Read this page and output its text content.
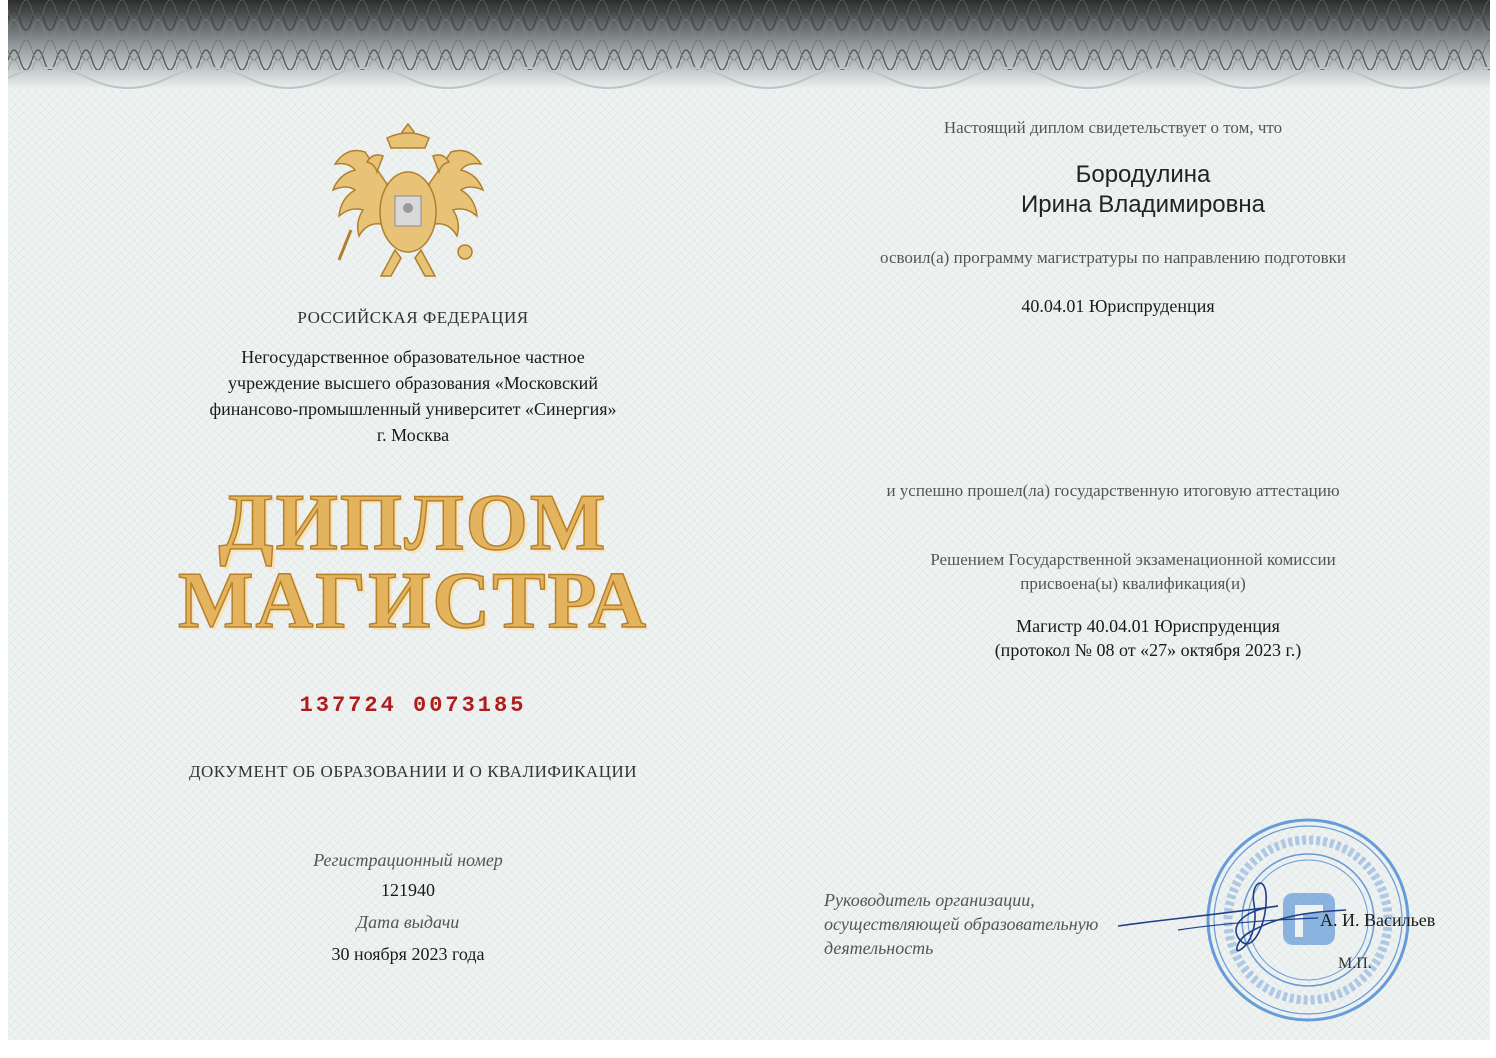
РОССИЙСКАЯ ФЕДЕРАЦИЯ

Негосударственное образовательное частное
учреждение высшего образования «Московский
финансово-промышленный университет «Синергия»
г. Москва
ДИПЛОМ
МАГИСТРА
137724 0073185

ДОКУМЕНТ ОБ ОБРАЗОВАНИИ И О КВАЛИФИКАЦИИ

Регистрационный номер
121940
Дата выдачи
30 ноября 2023 года
Настоящий диплом свидетельствует о том, что
Бородулина
Ирина Владимировна
освоил(а) программу магистратуры по направлению подготовки
40.04.01 Юриспруденция
и успешно прошел(ла) государственную итоговую аттестацию
Решением Государственной экзаменационной комиссии
присвоена(ы) квалификация(и)
Магистр 40.04.01 Юриспруденция
(протокол № 08 от «27» октября 2023 г.)
Руководитель организации,
осуществляющей образовательную
деятельность
А. И. Васильев
М.П.
